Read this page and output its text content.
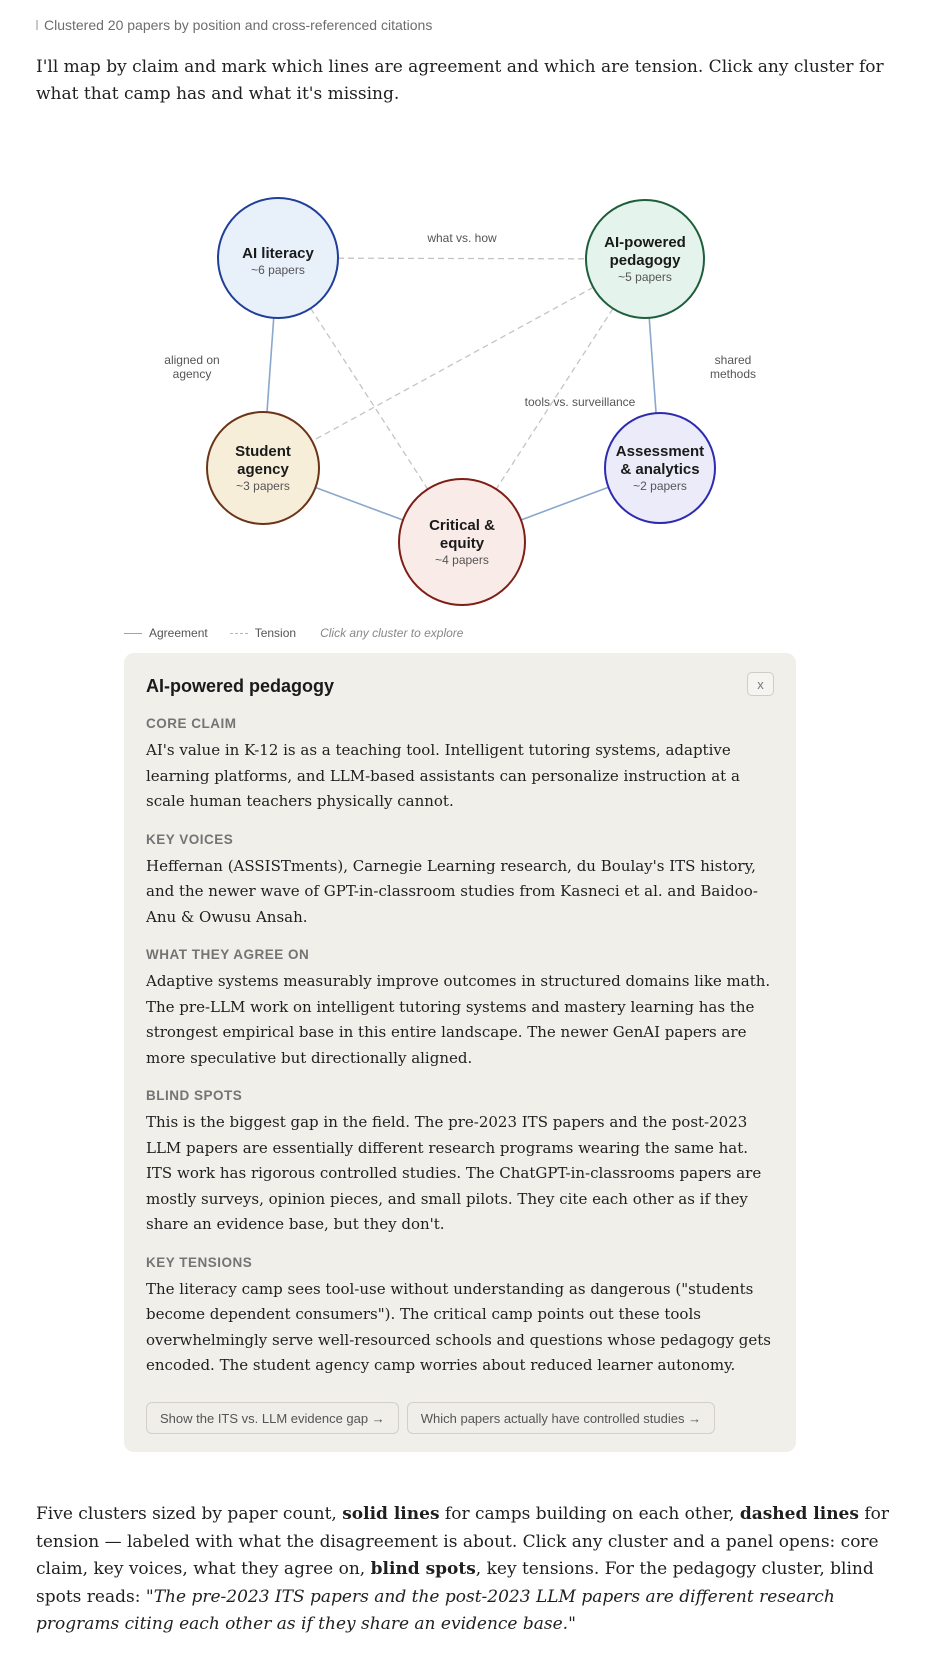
Clustered 20 papers by position and cross-referenced citations
I'll map by claim and mark which lines are agreement and which are tension. Click any cluster for what that camp has and what it's missing.
what vs. how
aligned on
agency
shared
methods
tools vs. surveillance
AI literacy
~6 papers
AI-powered
pedagogy
~5 papers
Student
agency
~3 papers
Critical &
equity
~4 papers
Assessment
& analytics
~2 papers
Agreement	Tension Click any cluster to explore
AI-powered pedagogy	x
CORE CLAIM
AI's value in K-12 is as a teaching tool. Intelligent tutoring systems, adaptive learning platforms, and LLM-based assistants can personalize instruction at a scale human teachers physically cannot.
KEY VOICES
Heffernan (ASSISTments), Carnegie Learning research, du Boulay's ITS history, and the newer wave of GPT-in-classroom studies from Kasneci et al. and Baidoo-Anu & Owusu Ansah.
WHAT THEY AGREE ON
Adaptive systems measurably improve outcomes in structured domains like math. The pre-LLM work on intelligent tutoring systems and mastery learning has the strongest empirical base in this entire landscape. The newer GenAI papers are more speculative but directionally aligned.
BLIND SPOTS
This is the biggest gap in the field. The pre-2023 ITS papers and the post-2023 LLM papers are essentially different research programs wearing the same hat. ITS work has rigorous controlled studies. The ChatGPT-in-classrooms papers are mostly surveys, opinion pieces, and small pilots. They cite each other as if they share an evidence base, but they don't.
KEY TENSIONS
The literacy camp sees tool-use without understanding as dangerous ("students become dependent consumers"). The critical camp points out these tools overwhelmingly serve well-resourced schools and questions whose pedagogy gets encoded. The student agency camp worries about reduced learner autonomy.
Show the ITS vs. LLM evidence gap →	Which papers actually have controlled studies →
Five clusters sized by paper count, solid lines for camps building on each other, dashed lines for tension — labeled with what the disagreement is about. Click any cluster and a panel opens: core claim, key voices, what they agree on, blind spots, key tensions. For the pedagogy cluster, blind spots reads: "The pre-2023 ITS papers and the post-2023 LLM papers are different research programs citing each other as if they share an evidence base."
